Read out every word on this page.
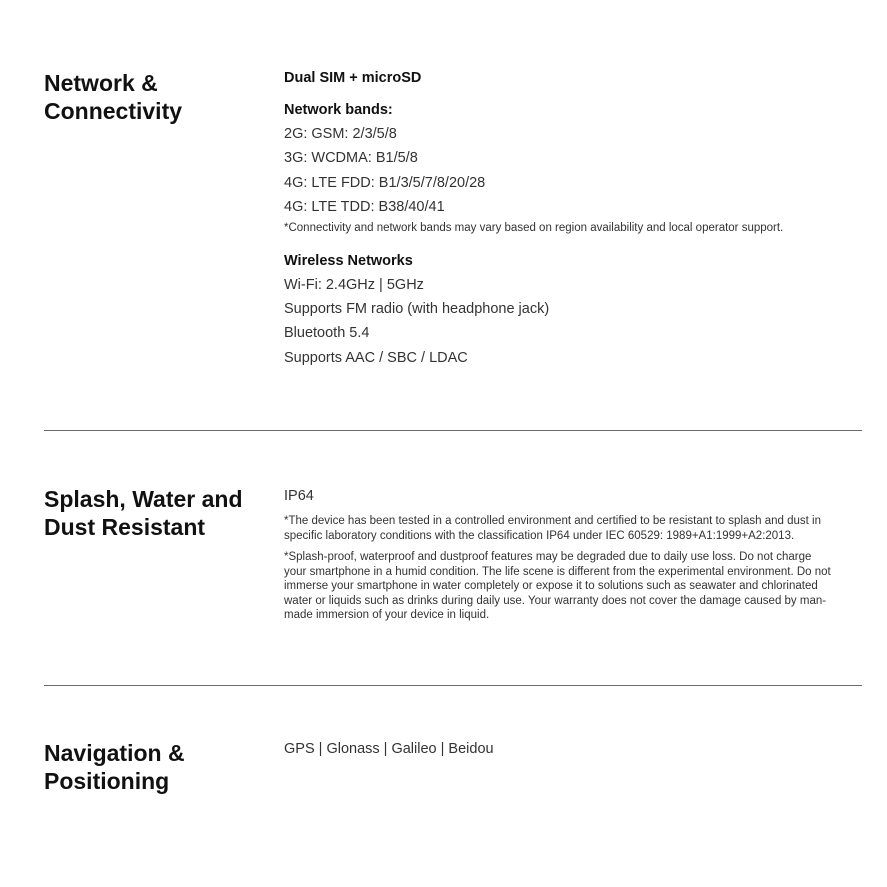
Network & Connectivity

Dual SIM + microSD

Network bands:

2G: GSM: 2/3/5/8

3G: WCDMA: B1/5/8

4G: LTE FDD: B1/3/5/7/8/20/28

4G: LTE TDD: B38/40/41

*Connectivity and network bands may vary based on region availability and local operator support.

Wireless Networks

Wi-Fi: 2.4GHz | 5GHz

Supports FM radio (with headphone jack)

Bluetooth 5.4

Supports AAC / SBC / LDAC

Splash, Water and Dust Resistant

IP64

*The device has been tested in a controlled environment and certified to be resistant to splash and dust in specific laboratory conditions with the classification IP64 under IEC 60529: 1989+A1:1999+A2:2013.

*Splash-proof, waterproof and dustproof features may be degraded due to daily use loss. Do not charge your smartphone in a humid condition. The life scene is different from the experimental environment. Do not immerse your smartphone in water completely or expose it to solutions such as seawater and chlorinated water or liquids such as drinks during daily use. Your warranty does not cover the damage caused by man-made immersion of your device in liquid.

Navigation & Positioning

GPS | Glonass | Galileo | Beidou
